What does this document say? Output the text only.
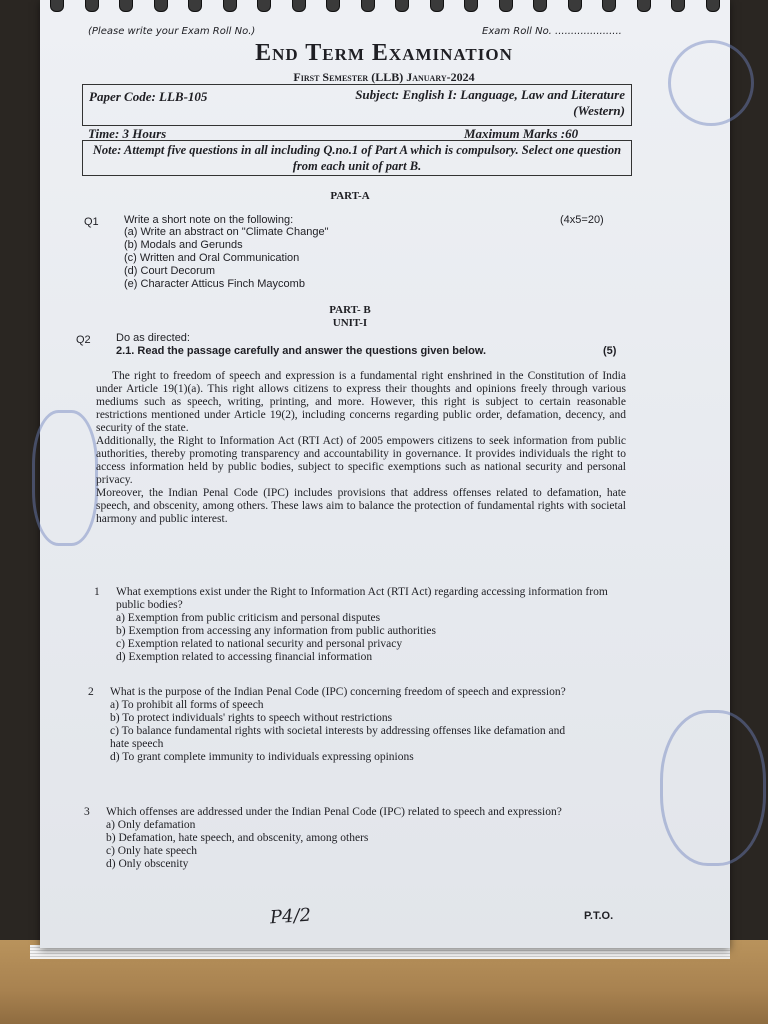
(Please write your Exam Roll No.)	Exam Roll No. .....................
End Term Examination
First Semester (LLB) January-2024
Paper Code: LLB-105	Subject: English I: Language, Law and Literature (Western)
Time: 3 Hours	Maximum Marks :60
Note: Attempt five questions in all including Q.no.1 of Part A which is compulsory. Select one question from each unit of part B.
PART-A
Q1 Write a short note on the following:	(4x5=20)
(a) Write an abstract on "Climate Change"
(b) Modals and Gerunds
(c) Written and Oral Communication
(d) Court Decorum
(e) Character Atticus Finch Maycomb
PART- B
UNIT-I
Q2 Do as directed:
2.1. Read the passage carefully and answer the questions given below.	(5)
The right to freedom of speech and expression is a fundamental right enshrined in the Constitution of India under Article 19(1)(a). This right allows citizens to express their thoughts and opinions freely through various mediums such as speech, writing, printing, and more. However, this right is subject to certain reasonable restrictions mentioned under Article 19(2), including concerns regarding public order, defamation, decency, and security of the state.
Additionally, the Right to Information Act (RTI Act) of 2005 empowers citizens to seek information from public authorities, thereby promoting transparency and accountability in governance. It provides individuals the right to access information held by public bodies, subject to specific exemptions such as national security and personal privacy.
Moreover, the Indian Penal Code (IPC) includes provisions that address offenses related to defamation, hate speech, and obscenity, among others. These laws aim to balance the protection of fundamental rights with societal harmony and public interest.
1	What exemptions exist under the Right to Information Act (RTI Act) regarding accessing information from public bodies?
a) Exemption from public criticism and personal disputes
b) Exemption from accessing any information from public authorities
c) Exemption related to national security and personal privacy
d) Exemption related to accessing financial information
2	What is the purpose of the Indian Penal Code (IPC) concerning freedom of speech and expression?
a) To prohibit all forms of speech
b) To protect individuals' rights to speech without restrictions
c) To balance fundamental rights with societal interests by addressing offenses like defamation and hate speech
d) To grant complete immunity to individuals expressing opinions
3	Which offenses are addressed under the Indian Penal Code (IPC) related to speech and expression?
a) Only defamation
b) Defamation, hate speech, and obscenity, among others
c) Only hate speech
d) Only obscenity
P4/2	P.T.O.
